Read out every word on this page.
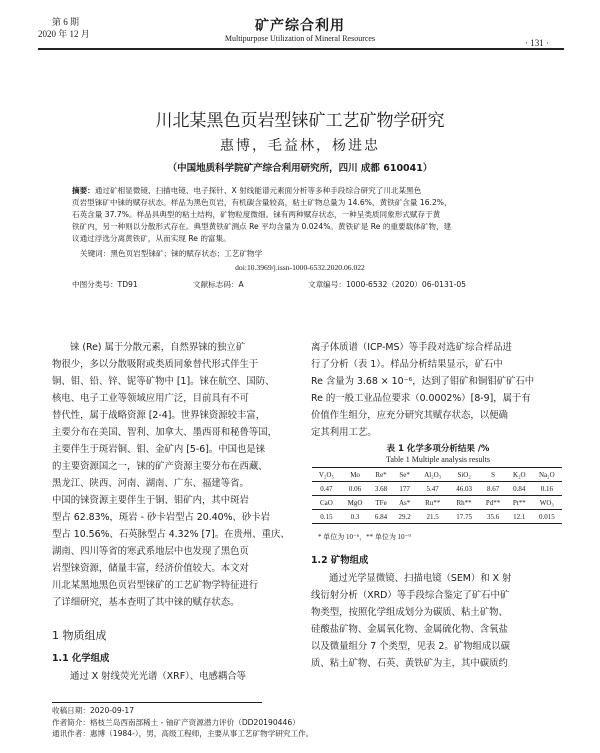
第 6 期
2020 年 12 月	矿产综合利用
Multipurpose Utilization of Mineral Resources	· 131 ·
川北某黑色页岩型铼矿工艺矿物学研究
惠博，毛益林，杨进忠
（中国地质科学院矿产综合利用研究所，四川 成都 610041）
摘要：通过矿相显微镜、扫描电镜、电子探针、X 射线能谱元素面分析等多种手段综合研究了川北某黑色
页岩型铼矿中铼的赋存状态。样品为黑色页岩，有机碳含量较高，粘土矿物总量为 14.6%，黄铁矿含量 16.2%，
石英含量 37.7%。样品具典型的粘土结构，矿物粒度微细。铼有两种赋存状态，一种呈类质同象形式赋存于黄
铁矿内，另一种则以分散形式存在。典型黄铁矿测点 Re 平均含量为 0.024%。黄铁矿是 Re 的重要载体矿物，建
议通过浮选分离黄铁矿，从而实现 Re 的富集。
关键词：黑色页岩型铼矿；铼的赋存状态；工艺矿物学
doi:10.3969/j.issn-1000-6532.2020.06.022
中图分类号：TD91	文献标志码：A	文章编号：1000-6532（2020）06-0131-05
铼 (Re) 属于分散元素，自然界铼的独立矿
物很少，多以分散吸附或类质同象替代形式伴生于
铜、钼、铅、锌、铌等矿物中 [1]。铼在航空、国防、
核电、电子工业等领域应用广泛，目前具有不可
替代性，属于战略资源 [2-4]。世界铼资源较丰富，
主要分布在美国、智利、加拿大、墨西哥和秘鲁等国，
主要伴生于斑岩铜、钼、金矿内 [5-6]。中国也是铼
的主要资源国之一，铼的矿产资源主要分布在西藏、
黑龙江、陕西、河南、湖南、广东、福建等省。
中国的铼资源主要伴生于铜、钼矿内，其中斑岩
型占 62.83%，斑岩 - 砂卡岩型占 20.40%、砂卡岩
型占 10.56%、石英脉型占 4.32% [7]。在贵州、重庆、
湖南、四川等省的寒武系地层中也发现了黑色页
岩型铼资源，储量丰富，经济价值较大。本文对
川北某黑地黑色页岩型铼矿的工艺矿物学特征进行
了详细研究，基本查明了其中铼的赋存状态。
1 物质组成
1.1 化学组成
通过 X 射线荧光光谱（XRF）、电感耦合等
离子体质谱（ICP-MS）等手段对选矿综合样品进
行了分析（表 1）。样品分析结果显示，矿石中
Re 含量为 3.68 × 10⁻⁶，达到了钼矿和铜钼矿矿石中
Re 的一般工业品位要求（0.0002%）[8-9]，属于有
价值作生组分，应充分研究其赋存状态，以便确
定其利用工艺。
表 1 化学多项分析结果 /%
Table 1 Multiple analysis results
V₂O₅	Mo	Re*	Se*	Al₂O₃	SiO₂	S	K₂O	Na₂O
0.47	0.06	3.68	177	5.47	46.03	8.67	0.84	0.16
CaO	MgO	TFe	As*	Ru**	Rh**	Pd**	Pt**	WO₃
0.15	0.3	6.84	29.2	21.5	17.75	35.6	12.1	0.015
* 单位为 10⁻⁶，** 单位为 10⁻⁹
1.2 矿物组成
通过光学显微镜、扫描电镜（SEM）和 X 射
线衍射分析（XRD）等手段综合鉴定了矿石中矿
物类型，按照化学组成划分为碳质、粘土矿物、
硅酸盐矿物、金属氧化物、金属硫化物、含氧盐
以及微量组分 7 个类型，见表 2。矿物组成以碳
质、粘土矿物、石英、黄铁矿为主，其中碳质约
收稿日期：2020-09-17
作者简介：格枝兰岛西南部稀土 - 铀矿产资源潜力评价（DD20190446）
通讯作者：惠博（1984-），男，高级工程师，主要从事工艺矿物学研究工作。
